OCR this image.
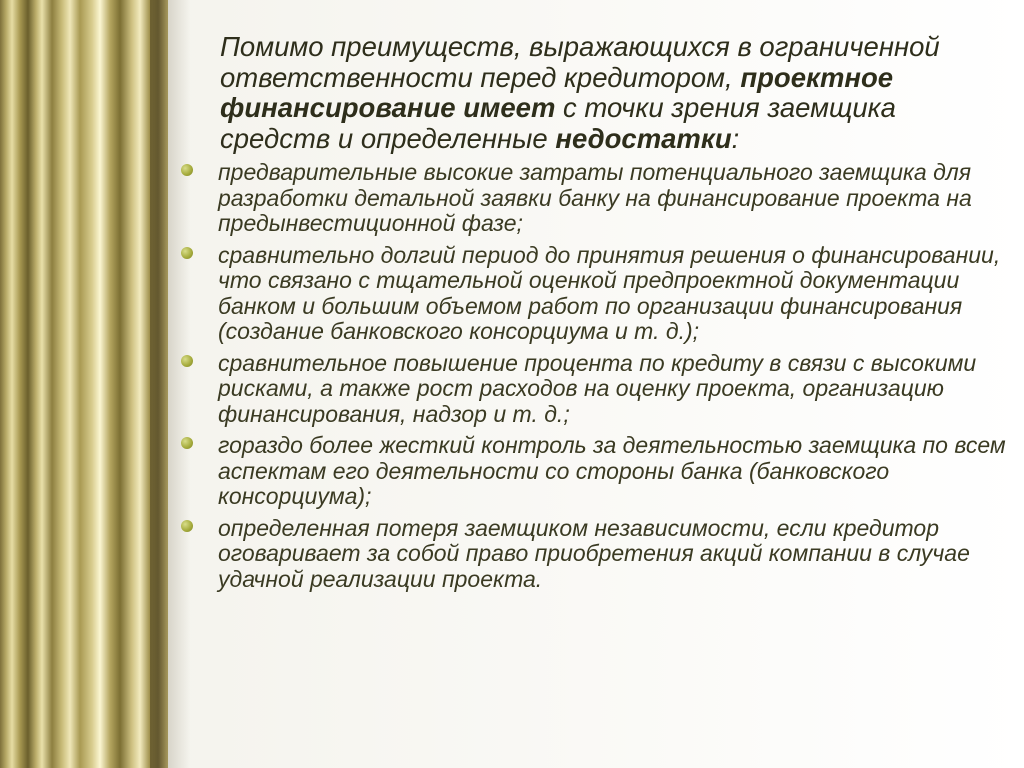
Помимо преимуществ, выражающихся в ограниченной ответственности перед кредитором, проектное финансирование имеет с точки зрения заемщика средств и определенные недостатки:

предварительные высокие затраты потенциального заемщика для разработки детальной заявки банку на финансирование проекта на предынвестиционной фазе;
сравнительно долгий период до принятия решения о финансировании, что связано с тщательной оценкой предпроектной документации банком и большим объемом работ по организации финансирования (создание банковского консорциума и т. д.);
сравнительное повышение процента по кредиту в связи с высокими рисками, а также рост расходов на оценку проекта, организацию финансирования, надзор и т. д.;
гораздо более жесткий контроль за деятельностью заемщика по всем аспектам его деятельности со стороны банка (банковского консорциума);
определенная потеря заемщиком независимости, если кредитор оговаривает за собой право приобретения акций компании в случае удачной реализации проекта.
